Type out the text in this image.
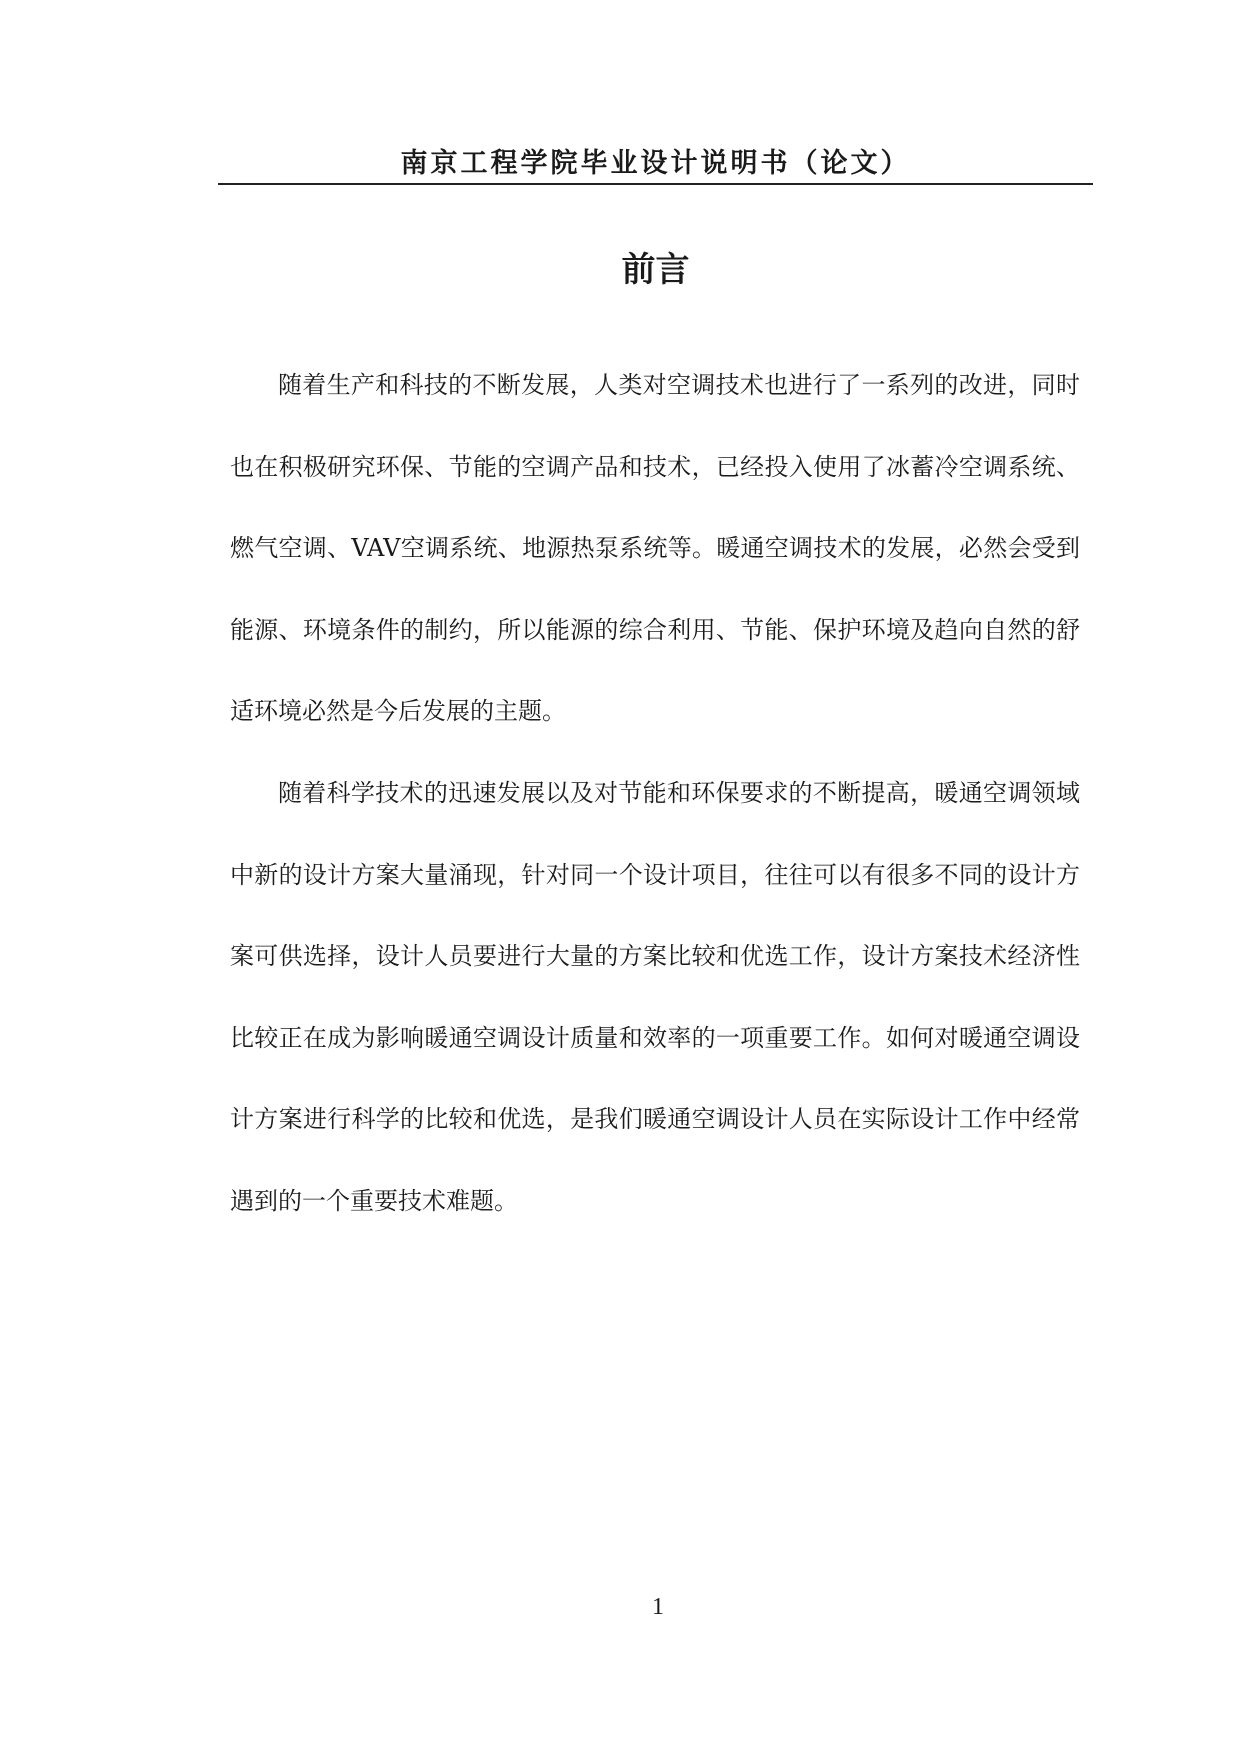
南京工程学院毕业设计说明书（论文）
前言

随着生产和科技的不断发展，人类对空调技术也进行了一系列的改进，同时也在积极研究环保、节能的空调产品和技术，已经投入使用了冰蓄冷空调系统、燃气空调、VAV空调系统、地源热泵系统等。暖通空调技术的发展，必然会受到能源、环境条件的制约，所以能源的综合利用、节能、保护环境及趋向自然的舒适环境必然是今后发展的主题。

随着科学技术的迅速发展以及对节能和环保要求的不断提高，暖通空调领域中新的设计方案大量涌现，针对同一个设计项目，往往可以有很多不同的设计方案可供选择，设计人员要进行大量的方案比较和优选工作，设计方案技术经济性比较正在成为影响暖通空调设计质量和效率的一项重要工作。如何对暖通空调设计方案进行科学的比较和优选，是我们暖通空调设计人员在实际设计工作中经常遇到的一个重要技术难题。

1
